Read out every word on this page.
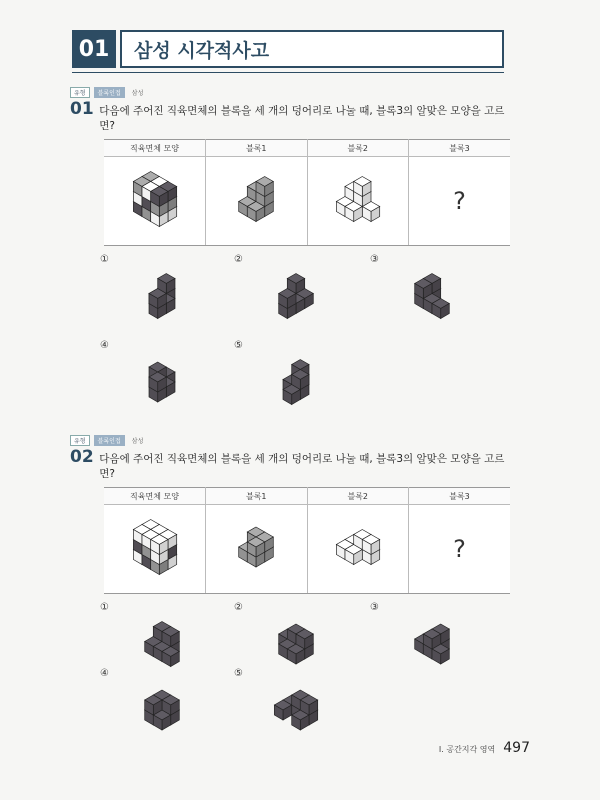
01	삼성 시각적사고
유형	블록인접	삼성
01 다음에 주어진 직육면체의 블록을 세 개의 덩어리로 나눌 때, 블록3의 알맞은 모양을 고르면?
직육면체 모양	블록1	블록2	블록3
			?
①	②	③
④	⑤
유형	블록인접	삼성
02 다음에 주어진 직육면체의 블록을 세 개의 덩어리로 나눌 때, 블록3의 알맞은 모양을 고르면?
직육면체 모양	블록1	블록2	블록3
			?
①	②	③
④	⑤
Ⅰ. 공간지각 영역 497
